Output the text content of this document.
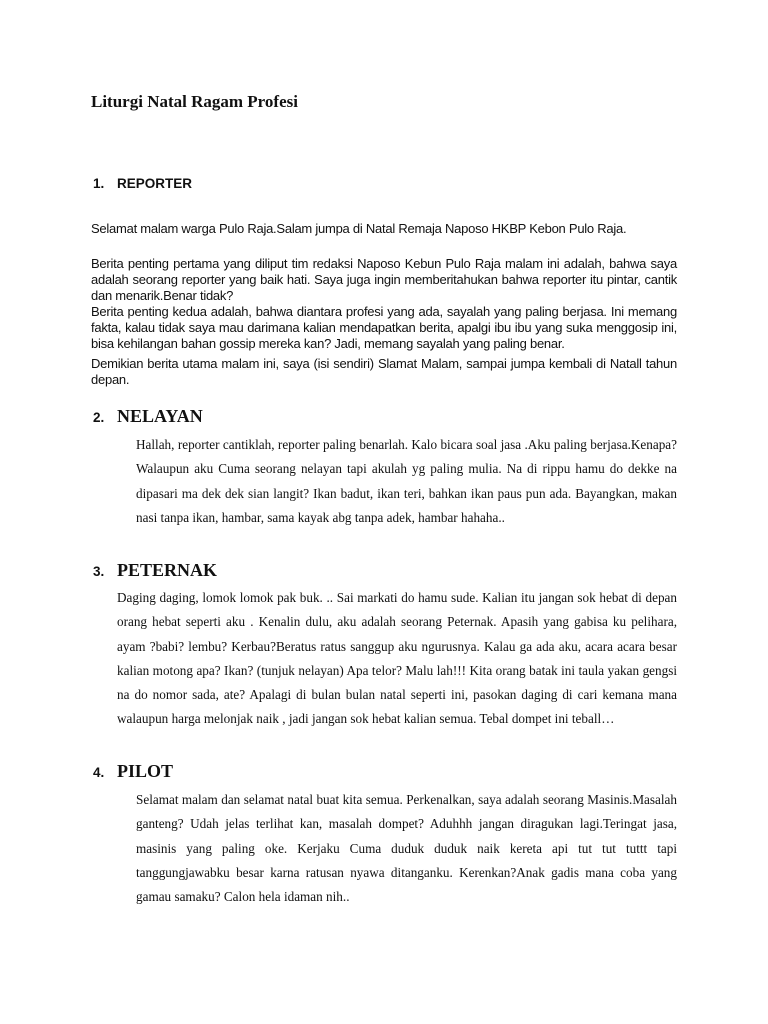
Liturgi Natal Ragam Profesi
1. REPORTER

Selamat malam warga Pulo Raja.Salam jumpa di Natal Remaja Naposo HKBP Kebon Pulo Raja.

Berita penting pertama yang diliput tim redaksi Naposo Kebun Pulo Raja malam ini adalah, bahwa saya adalah seorang reporter yang baik hati. Saya juga ingin memberitahukan bahwa reporter itu pintar, cantik dan menarik.Benar tidak?

Berita penting kedua adalah, bahwa diantara profesi yang ada, sayalah yang paling berjasa. Ini memang fakta, kalau tidak saya mau darimana kalian mendapatkan berita, apalgi ibu ibu yang suka menggosip ini, bisa kehilangan bahan gossip mereka kan? Jadi, memang sayalah yang paling benar.

Demikian berita utama malam ini, saya (isi sendiri) Slamat Malam, sampai jumpa kembali di Natall tahun depan.

2. NELAYAN

Hallah, reporter cantiklah, reporter paling benarlah. Kalo bicara soal jasa .Aku paling berjasa.Kenapa?Walaupun aku Cuma seorang nelayan tapi akulah yg paling mulia. Na di rippu hamu do dekke na dipasari ma dek dek sian langit? Ikan badut, ikan teri, bahkan ikan paus pun ada. Bayangkan, makan nasi tanpa ikan, hambar, sama kayak abg tanpa adek, hambar hahaha..

3. PETERNAK

Daging daging, lomok lomok pak buk. .. Sai markati do hamu sude. Kalian itu jangan sok hebat di depan orang hebat seperti aku . Kenalin dulu, aku adalah seorang Peternak. Apasih yang gabisa ku pelihara, ayam ?babi? lembu? Kerbau?Beratus ratus sanggup aku ngurusnya. Kalau ga ada aku, acara acara besar kalian motong apa? Ikan? (tunjuk nelayan) Apa telor? Malu lah!!! Kita orang batak ini taula yakan gengsi na do nomor sada, ate? Apalagi di bulan bulan natal seperti ini, pasokan daging di cari kemana mana walaupun harga melonjak naik , jadi jangan sok hebat kalian semua. Tebal dompet ini teball…

4. PILOT

Selamat malam dan selamat natal buat kita semua. Perkenalkan, saya adalah seorang Masinis.Masalah ganteng? Udah jelas terlihat kan, masalah dompet? Aduhhh jangan diragukan lagi.Teringat jasa, masinis yang paling oke. Kerjaku Cuma duduk duduk naik kereta api tut tut tuttt tapi tanggungjawabku besar karna ratusan nyawa ditanganku. Kerenkan?Anak gadis mana coba yang gamau samaku? Calon hela idaman nih..
